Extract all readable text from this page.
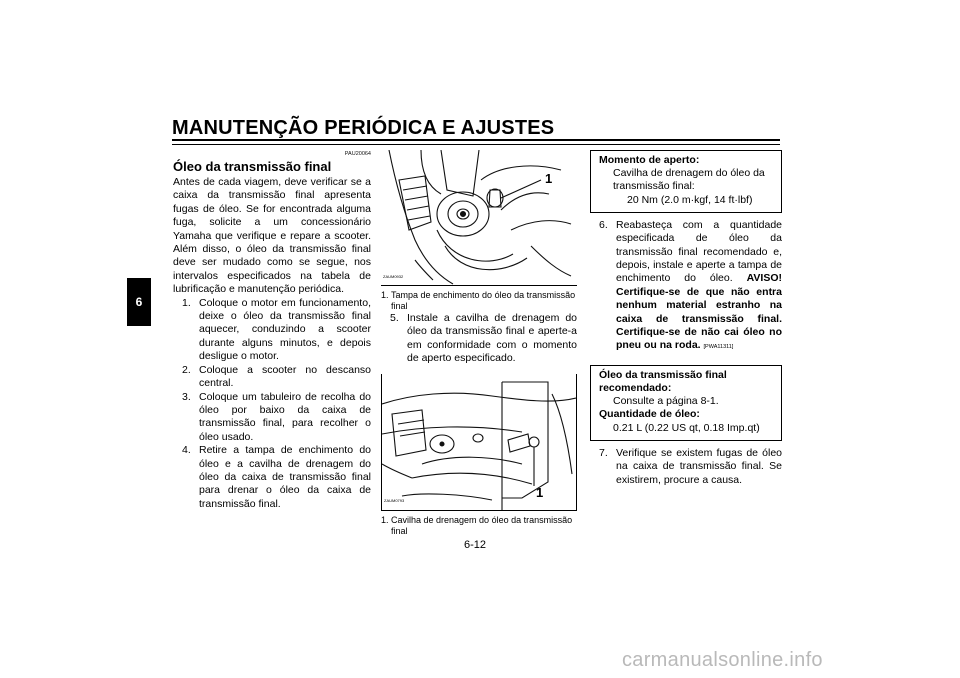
MANUTENÇÃO PERIÓDICA E AJUSTES
6
PAU20064
Óleo da transmissão final

Antes de cada viagem, deve verificar se a caixa da transmissão final apresenta fugas de óleo. Se for encontrada alguma fuga, solicite a um concessionário Yamaha que verifique e repare a scooter. Além disso, o óleo da transmissão final deve ser mudado como se segue, nos intervalos especificados na tabela de lubrificação e manutenção periódica.

1. Coloque o motor em funcionamento, deixe o óleo da transmissão final aquecer, conduzindo a scooter durante alguns minutos, e depois desligue o motor.
2. Coloque a scooter no descanso central.
3. Coloque um tabuleiro de recolha do óleo por baixo da caixa de transmissão final, para recolher o óleo usado.
4. Retire a tampa de enchimento do óleo e a cavilha de drenagem do óleo da caixa de transmissão final para drenar o óleo da caixa de transmissão final.
1
ZAUM0932
1. Tampa de enchimento do óleo da transmissão final
5. Instale a cavilha de drenagem do óleo da transmissão final e aperte-a em conformidade com o momento de aperto especificado.
1
ZAUM0793
1. Cavilha de drenagem do óleo da transmissão final
Momento de aperto:
Cavilha de drenagem do óleo da
transmissão final:
20 Nm (2.0 m·kgf, 14 ft·lbf)
6. Reabasteça com a quantidade especificada de óleo da transmissão final recomendado e, depois, instale e aperte a tampa de enchimento do óleo. AVISO! Certifique-se de que não entra nenhum material estranho na caixa de transmissão final. Certifique-se de não cai óleo no pneu ou na roda. [PWA11311]
Óleo da transmissão final recomendado:
Consulte a página 8-1.
Quantidade de óleo:
0.21 L (0.22 US qt, 0.18 Imp.qt)
7. Verifique se existem fugas de óleo na caixa de transmissão final. Se existirem, procure a causa.
6-12
carmanualsonline.info
